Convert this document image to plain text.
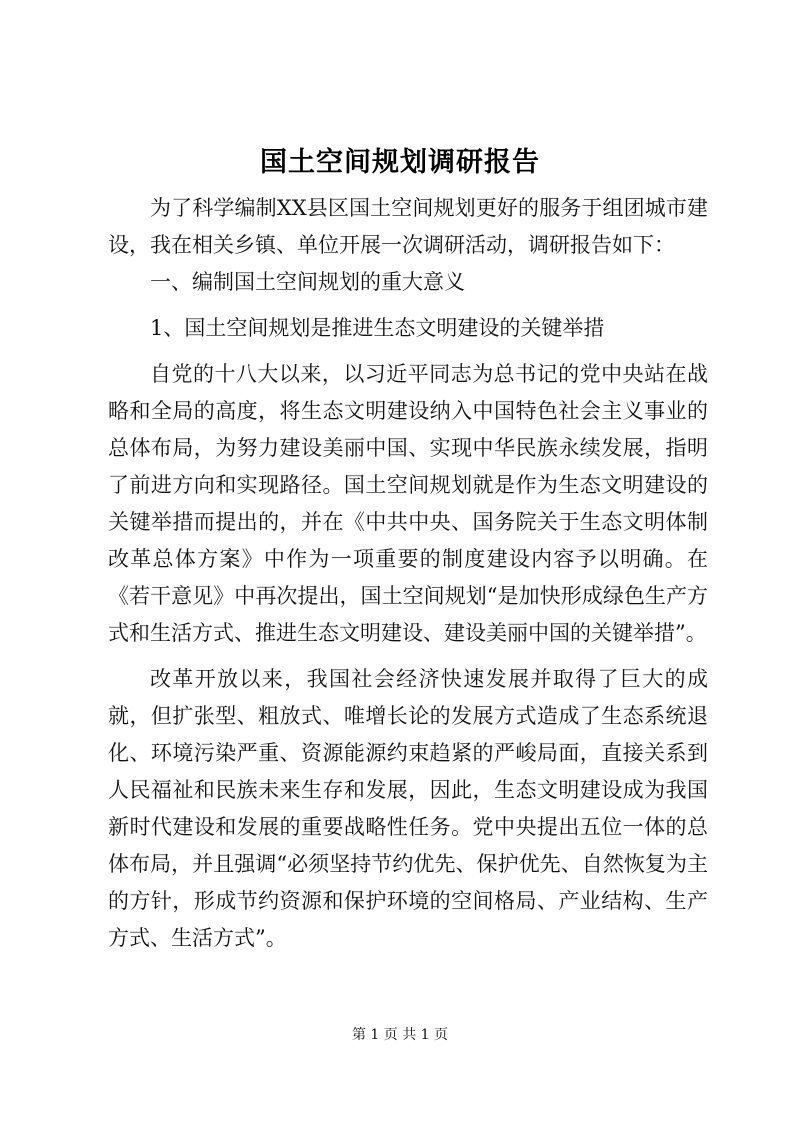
国土空间规划调研报告

为了科学编制XX县区国土空间规划更好的服务于组团城市建设，我在相关乡镇、单位开展一次调研活动，调研报告如下：

一、编制国土空间规划的重大意义

1、国土空间规划是推进生态文明建设的关键举措

自党的十八大以来，以习近平同志为总书记的党中央站在战略和全局的高度，将生态文明建设纳入中国特色社会主义事业的总体布局，为努力建设美丽中国、实现中华民族永续发展，指明了前进方向和实现路径。国土空间规划就是作为生态文明建设的关键举措而提出的，并在《中共中央、国务院关于生态文明体制改革总体方案》中作为一项重要的制度建设内容予以明确。在《若干意见》中再次提出，国土空间规划“是加快形成绿色生产方式和生活方式、推进生态文明建设、建设美丽中国的关键举措”。

改革开放以来，我国社会经济快速发展并取得了巨大的成就，但扩张型、粗放式、唯增长论的发展方式造成了生态系统退化、环境污染严重、资源能源约束趋紧的严峻局面，直接关系到人民福祉和民族未来生存和发展，因此，生态文明建设成为我国新时代建设和发展的重要战略性任务。党中央提出五位一体的总体布局，并且强调“必须坚持节约优先、保护优先、自然恢复为主的方针，形成节约资源和保护环境的空间格局、产业结构、生产方式、生活方式”。

第 1 页 共 1 页
